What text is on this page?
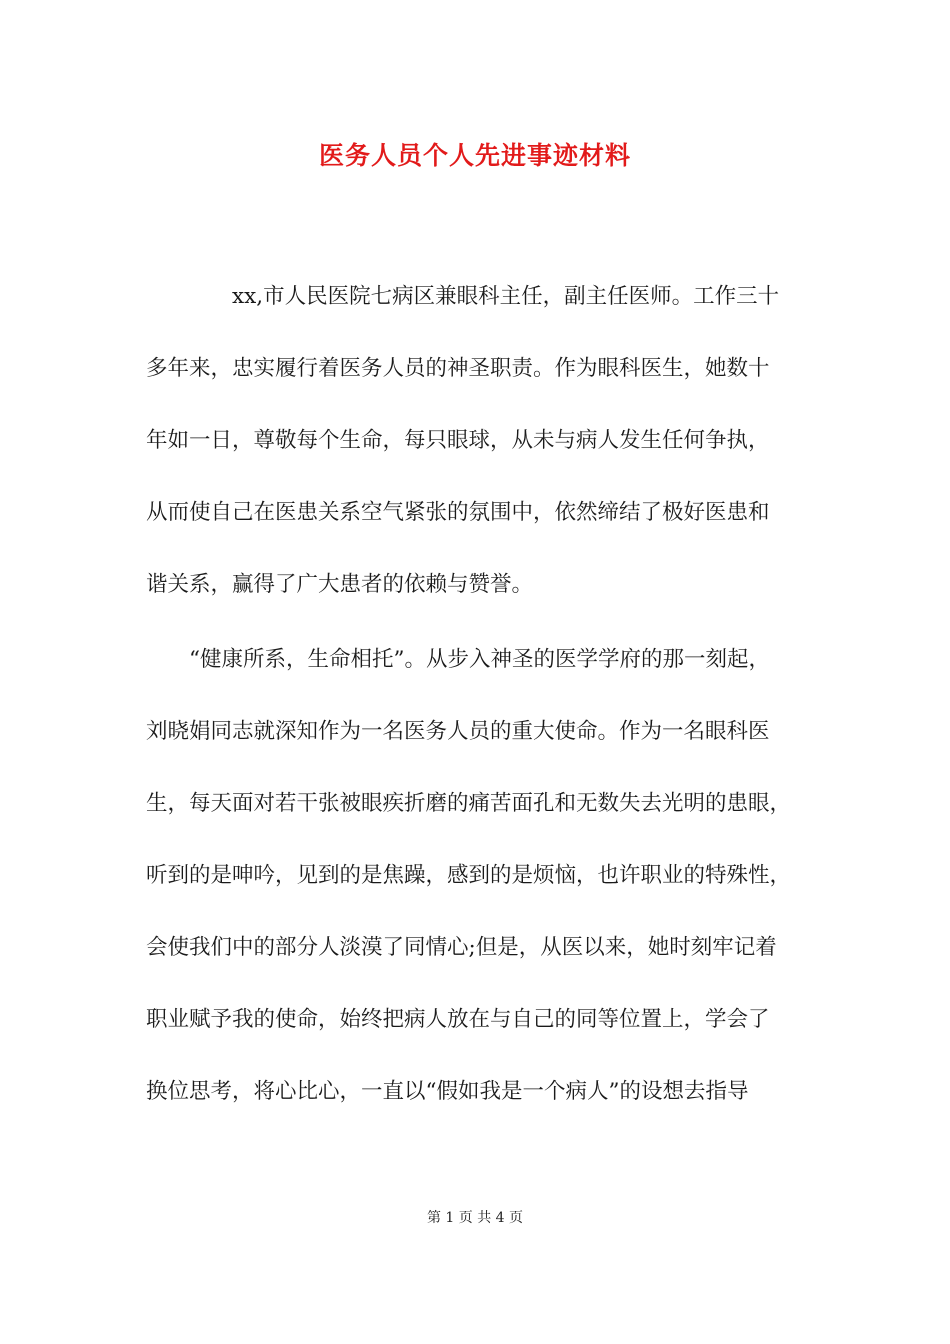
医务人员个人先进事迹材料

xx,市人民医院七病区兼眼科主任，副主任医师。工作三十

多年来，忠实履行着医务人员的神圣职责。作为眼科医生，她数十

年如一日，尊敬每个生命，每只眼球，从未与病人发生任何争执，

从而使自己在医患关系空气紧张的氛围中，依然缔结了极好医患和

谐关系，赢得了广大患者的依赖与赞誉。

“健康所系，生命相托”。从步入神圣的医学学府的那一刻起，

刘晓娟同志就深知作为一名医务人员的重大使命。作为一名眼科医

生，每天面对若干张被眼疾折磨的痛苦面孔和无数失去光明的患眼，

听到的是呻吟，见到的是焦躁，感到的是烦恼，也许职业的特殊性，

会使我们中的部分人淡漠了同情心;但是，从医以来，她时刻牢记着

职业赋予我的使命，始终把病人放在与自己的同等位置上，学会了

换位思考，将心比心，一直以“假如我是一个病人”的设想去指导

第 1 页 共 4 页
